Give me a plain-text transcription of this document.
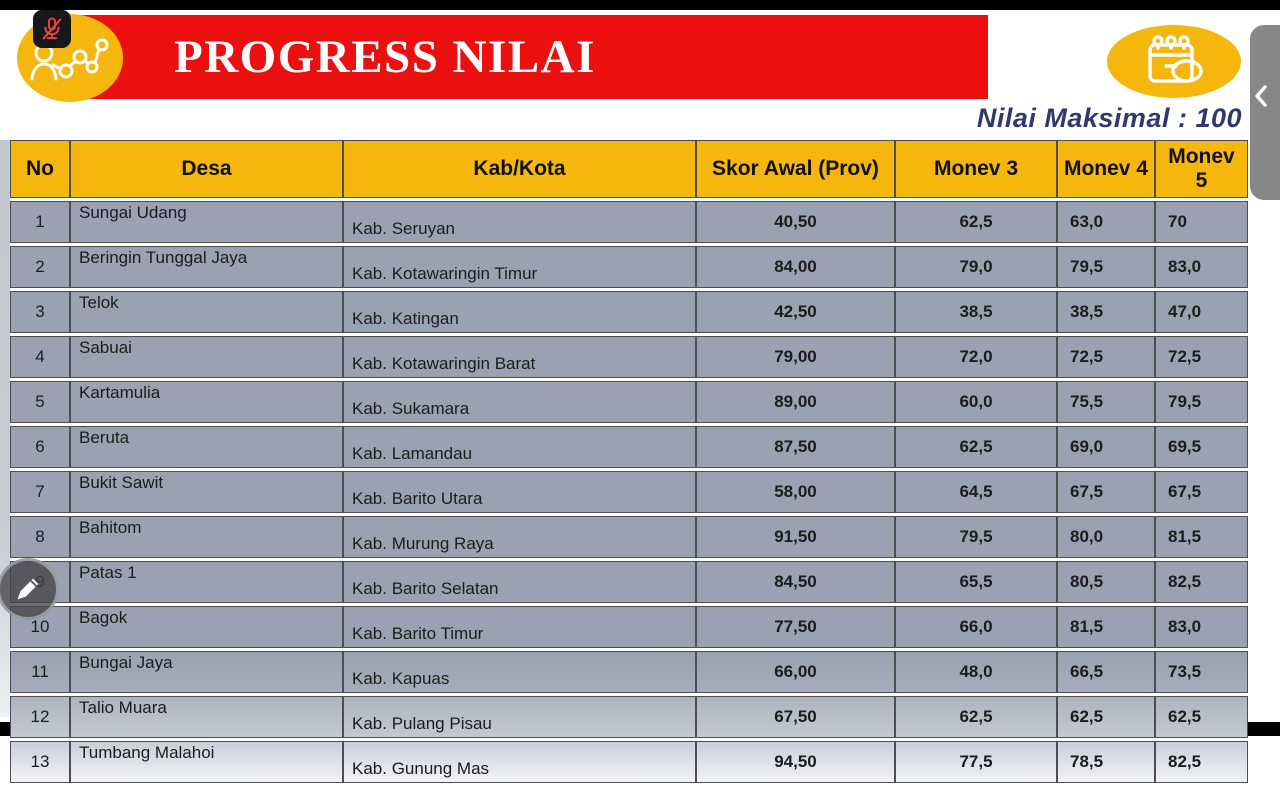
PROGRESS NILAI
Nilai Maksimal : 100
No	Desa	Kab/Kota	Skor Awal (Prov)	Monev 3	Monev 4	Monev 5
1	Sungai Udang	Kab. Seruyan	40,50	62,5	63,0	70
2	Beringin Tunggal Jaya	Kab. Kotawaringin Timur	84,00	79,0	79,5	83,0
3	Telok	Kab. Katingan	42,50	38,5	38,5	47,0
4	Sabuai	Kab. Kotawaringin Barat	79,00	72,0	72,5	72,5
5	Kartamulia	Kab. Sukamara	89,00	60,0	75,5	79,5
6	Beruta	Kab. Lamandau	87,50	62,5	69,0	69,5
7	Bukit Sawit	Kab. Barito Utara	58,00	64,5	67,5	67,5
8	Bahitom	Kab. Murung Raya	91,50	79,5	80,0	81,5
	Patas 1	Kab. Barito Selatan	84,50	65,5	80,5	82,5
10	Bagok	Kab. Barito Timur	77,50	66,0	81,5	83,0
11	Bungai Jaya	Kab. Kapuas	66,00	48,0	66,5	73,5
12	Talio Muara	Kab. Pulang Pisau	67,50	62,5	62,5	62,5
13	Tumbang Malahoi	Kab. Gunung Mas	94,50	77,5	78,5	82,5
